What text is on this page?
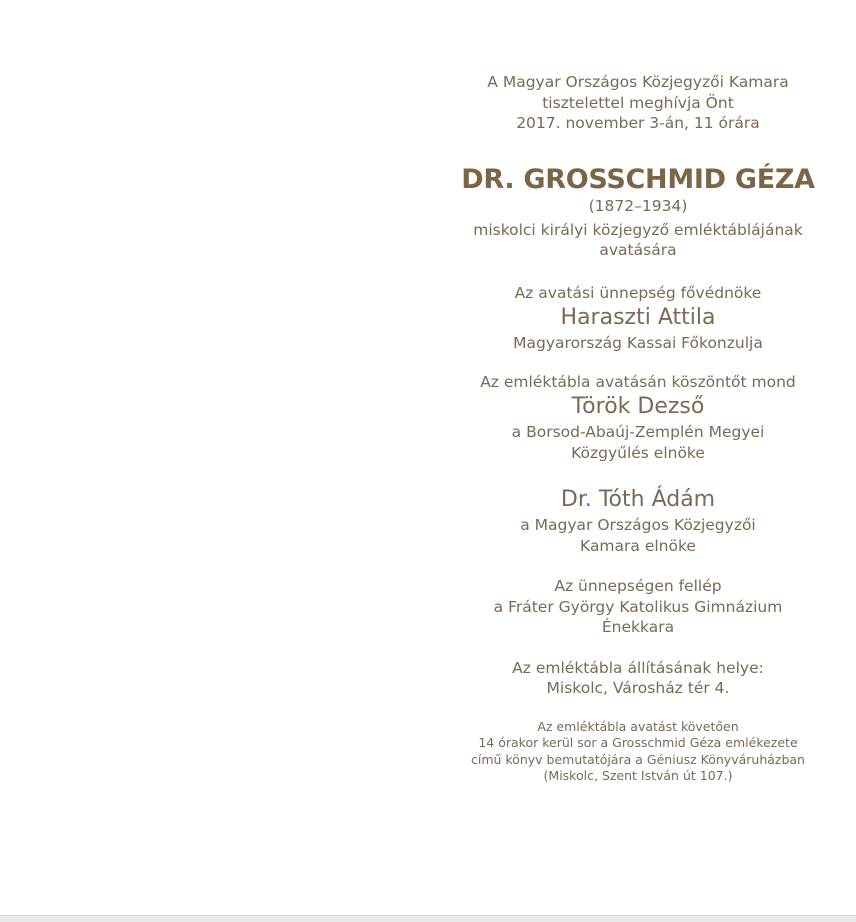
A Magyar Országos Közjegyzői Kamara
tisztelettel meghívja Önt
2017. november 3-án, 11 órára
DR. GROSSCHMID GÉZA
(1872–1934)
miskolci királyi közjegyző emléktáblájának
avatására
Az avatási ünnepség fővédnöke
Haraszti Attila
Magyarország Kassai Főkonzulja
Az emléktábla avatásán köszöntőt mond
Török Dezső
a Borsod-Abaúj-Zemplén Megyei
Közgyűlés elnöke
Dr. Tóth Ádám
a Magyar Országos Közjegyzői
Kamara elnöke
Az ünnepségen fellép
a Fráter György Katolikus Gimnázium
Énekkara
Az emléktábla állításának helye:
Miskolc, Városház tér 4.
Az emléktábla avatást követően
14 órakor kerül sor a Grosschmid Géza emlékezete
című könyv bemutatójára a Géniusz Könyváruházban
(Miskolc, Szent István út 107.)
